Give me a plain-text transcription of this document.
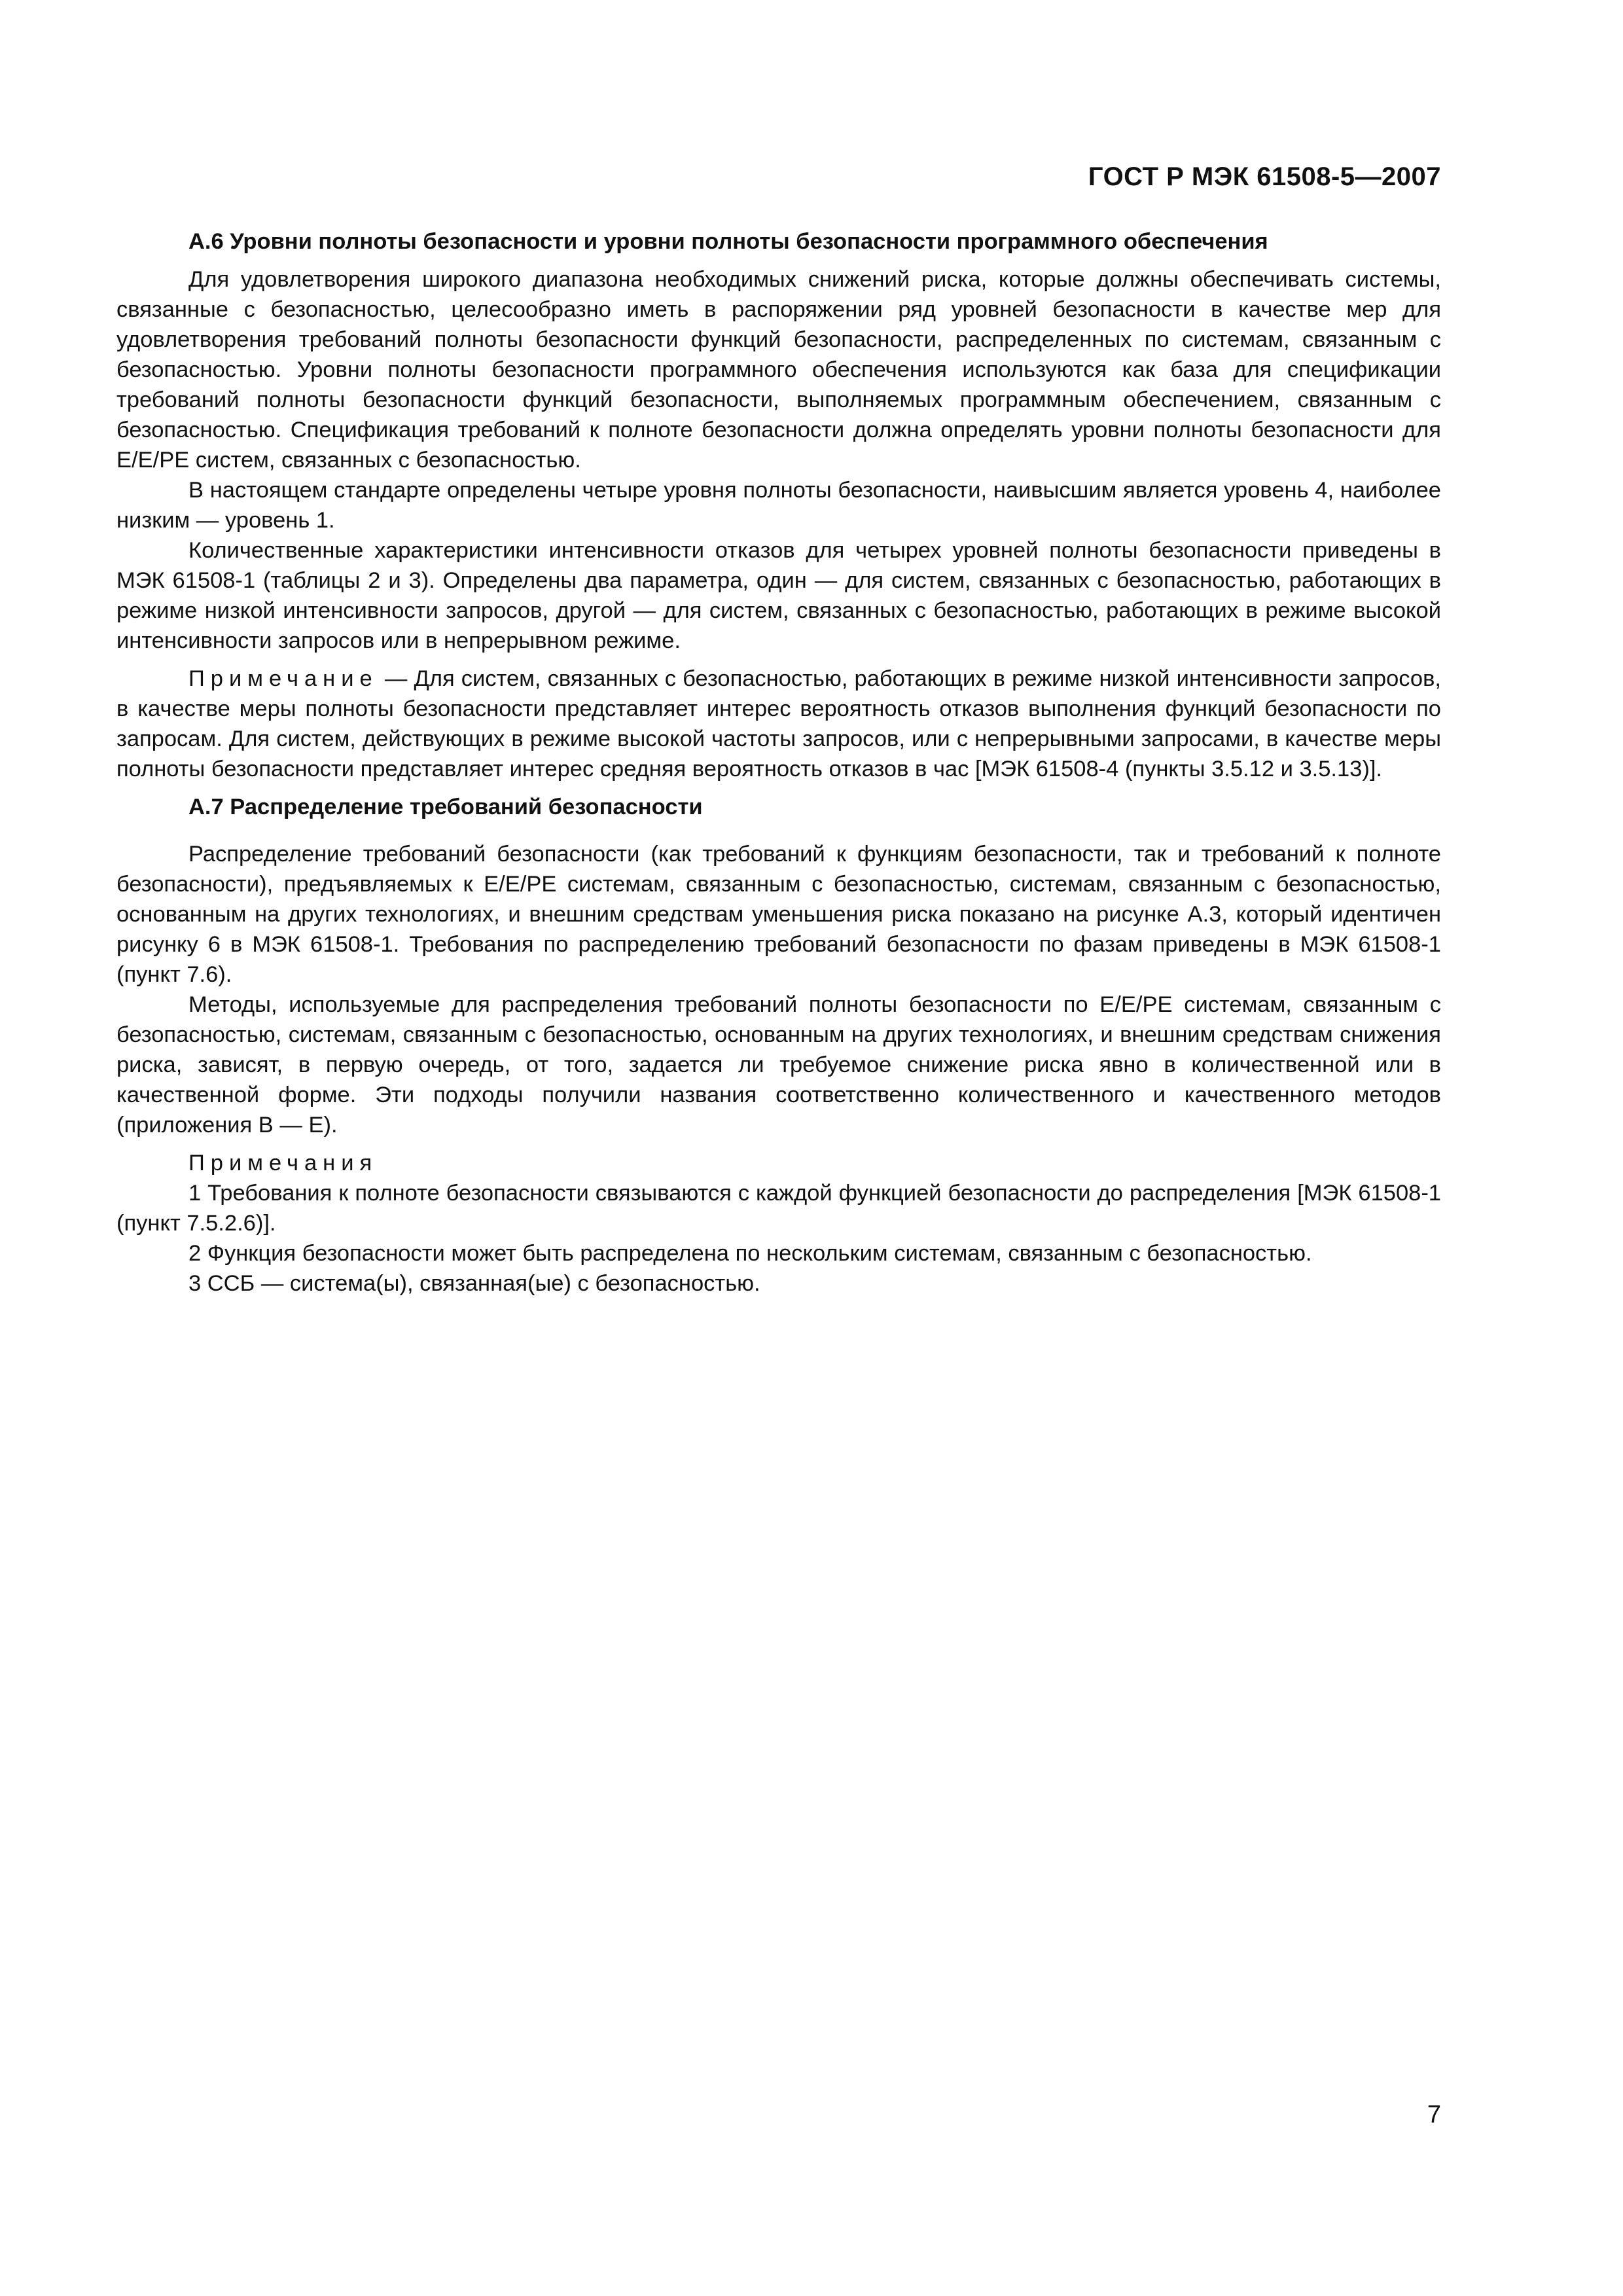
ГОСТ Р МЭК 61508-5—2007
А.6 Уровни полноты безопасности и уровни полноты безопасности программного обеспечения

Для удовлетворения широкого диапазона необходимых снижений риска, которые должны обеспечивать системы, связанные с безопасностью, целесообразно иметь в распоряжении ряд уровней безопасности в качестве мер для удовлетворения требований полноты безопасности функций безопасности, распределенных по системам, связанным с безопасностью. Уровни полноты безопасности программного обеспечения используются как база для спецификации требований полноты безопасности функций безопасности, выполняемых программным обеспечением, связанным с безопасностью. Спецификация требований к полноте безопасности должна определять уровни полноты безопасности для E/E/PE систем, связанных с безопасностью.

В настоящем стандарте определены четыре уровня полноты безопасности, наивысшим является уровень 4, наиболее низким — уровень 1.

Количественные характеристики интенсивности отказов для четырех уровней полноты безопасности приведены в МЭК 61508-1 (таблицы 2 и 3). Определены два параметра, один — для систем, связанных с безопасностью, работающих в режиме низкой интенсивности запросов, другой — для систем, связанных с безопасностью, работающих в режиме высокой интенсивности запросов или в непрерывном режиме.

Примечание — Для систем, связанных с безопасностью, работающих в режиме низкой интенсивности запросов, в качестве меры полноты безопасности представляет интерес вероятность отказов выполнения функций безопасности по запросам. Для систем, действующих в режиме высокой частоты запросов, или с непрерывными запросами, в качестве меры полноты безопасности представляет интерес средняя вероятность отказов в час [МЭК 61508-4 (пункты 3.5.12 и 3.5.13)].

А.7 Распределение требований безопасности

Распределение требований безопасности (как требований к функциям безопасности, так и требований к полноте безопасности), предъявляемых к E/E/PE системам, связанным с безопасностью, системам, связанным с безопасностью, основанным на других технологиях, и внешним средствам уменьшения риска показано на рисунке А.3, который идентичен рисунку 6 в МЭК 61508-1. Требования по распределению требований безопасности по фазам приведены в МЭК 61508-1 (пункт 7.6).

Методы, используемые для распределения требований полноты безопасности по E/E/PE системам, связанным с безопасностью, системам, связанным с безопасностью, основанным на других технологиях, и внешним средствам снижения риска, зависят, в первую очередь, от того, задается ли требуемое снижение риска явно в количественной или в качественной форме. Эти подходы получили названия соответственно количественного и качественного методов (приложения В — Е).

Примечания

1 Требования к полноте безопасности связываются с каждой функцией безопасности до распределения [МЭК 61508-1 (пункт 7.5.2.6)].

2 Функция безопасности может быть распределена по нескольким системам, связанным с безопасностью.

3 ССБ — система(ы), связанная(ые) с безопасностью.

7
